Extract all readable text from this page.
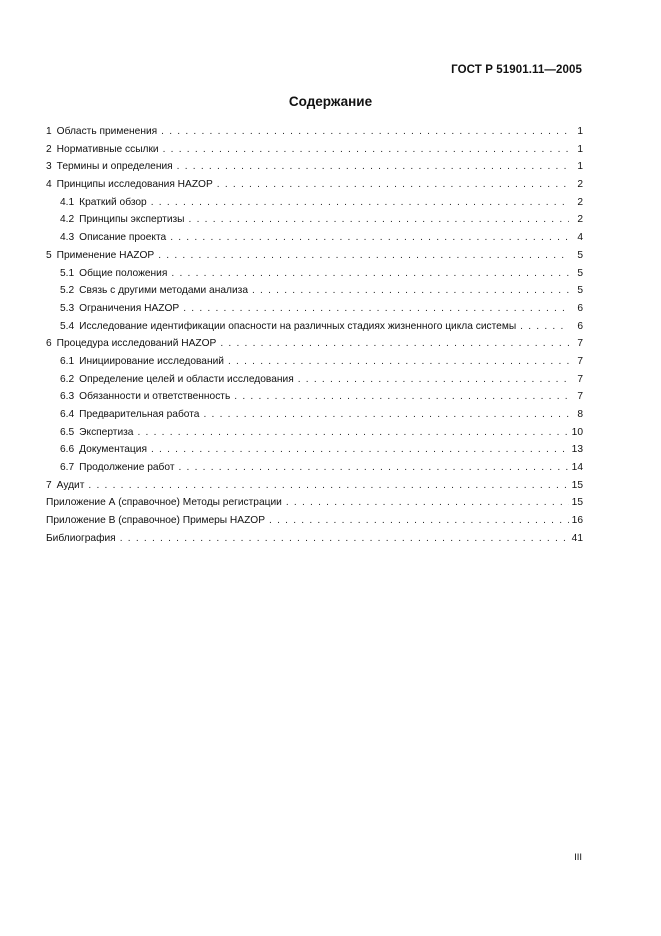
ГОСТ Р 51901.11—2005
Содержание
1 Область применения . . .	1
2 Нормативные ссылки . . .	1
3 Термины и определения . . .	1
4 Принципы исследования HAZOP . . .	2
4.1 Краткий обзор . . .	2
4.2 Принципы экспертизы . . .	2
4.3 Описание проекта . . .	4
5 Применение HAZOP . . .	5
5.1 Общие положения . . .	5
5.2 Связь с другими методами анализа . . .	5
5.3 Ограничения HAZOP . . .	6
5.4 Исследование идентификации опасности на различных стадиях жизненного цикла системы . . .	6
6 Процедура исследований HAZOP . . .	7
6.1 Инициирование исследований . . .	7
6.2 Определение целей и области исследования . . .	7
6.3 Обязанности и ответственность . . .	7
6.4 Предварительная работа . . .	8
6.5 Экспертиза . . .	10
6.6 Документация . . .	13
6.7 Продолжение работ . . .	14
7 Аудит . . .	15
Приложение А (справочное) Методы регистрации . . .	15
Приложение В (справочное) Примеры HAZOP . . .	16
Библиография . . .	41
III
